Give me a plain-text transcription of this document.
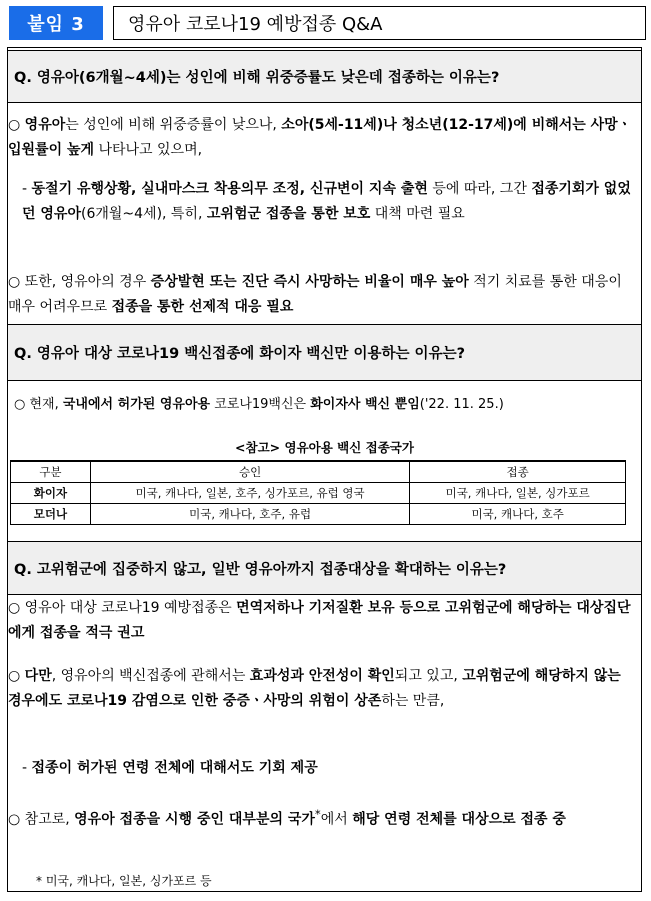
붙임 3	영유아 코로나19 예방접종 Q&A
Q. 영유아(6개월~4세)는 성인에 비해 위중증률도 낮은데 접종하는 이유는?
○ 영유아는 성인에 비해 위중증률이 낮으나, 소아(5세-11세)나 청소년(12-17세)에 비해서는 사망ㆍ입원률이 높게 나타나고 있으며,
- 동절기 유행상황, 실내마스크 착용의무 조정, 신규변이 지속 출현 등에 따라, 그간 접종기회가 없었던 영유아(6개월~4세), 특히, 고위험군 접종을 통한 보호 대책 마련 필요
○ 또한, 영유아의 경우 증상발현 또는 진단 즉시 사망하는 비율이 매우 높아 적기 치료를 통한 대응이 매우 어려우므로 접종을 통한 선제적 대응 필요
Q. 영유아 대상 코로나19 백신접종에 화이자 백신만 이용하는 이유는?
○ 현재, 국내에서 허가된 영유아용 코로나19백신은 화이자사 백신 뿐임('22. 11. 25.)
<참고> 영유아용 백신 접종국가
구분	승인	접종
화이자	미국, 캐나다, 일본, 호주, 싱가포르, 유럽 영국	미국, 캐나다, 일본, 싱가포르
모더나	미국, 캐나다, 호주, 유럽	미국, 캐나다, 호주
Q. 고위험군에 집중하지 않고, 일반 영유아까지 접종대상을 확대하는 이유는?
○ 영유아 대상 코로나19 예방접종은 면역저하나 기저질환 보유 등으로 고위험군에 해당하는 대상집단에게 접종을 적극 권고
○ 다만, 영유아의 백신접종에 관해서는 효과성과 안전성이 확인되고 있고, 고위험군에 해당하지 않는 경우에도 코로나19 감염으로 인한 중증ㆍ사망의 위험이 상존하는 만큼,
- 접종이 허가된 연령 전체에 대해서도 기회 제공
○ 참고로, 영유아 접종을 시행 중인 대부분의 국가*에서 해당 연령 전체를 대상으로 접종 중
* 미국, 캐나다, 일본, 싱가포르 등
